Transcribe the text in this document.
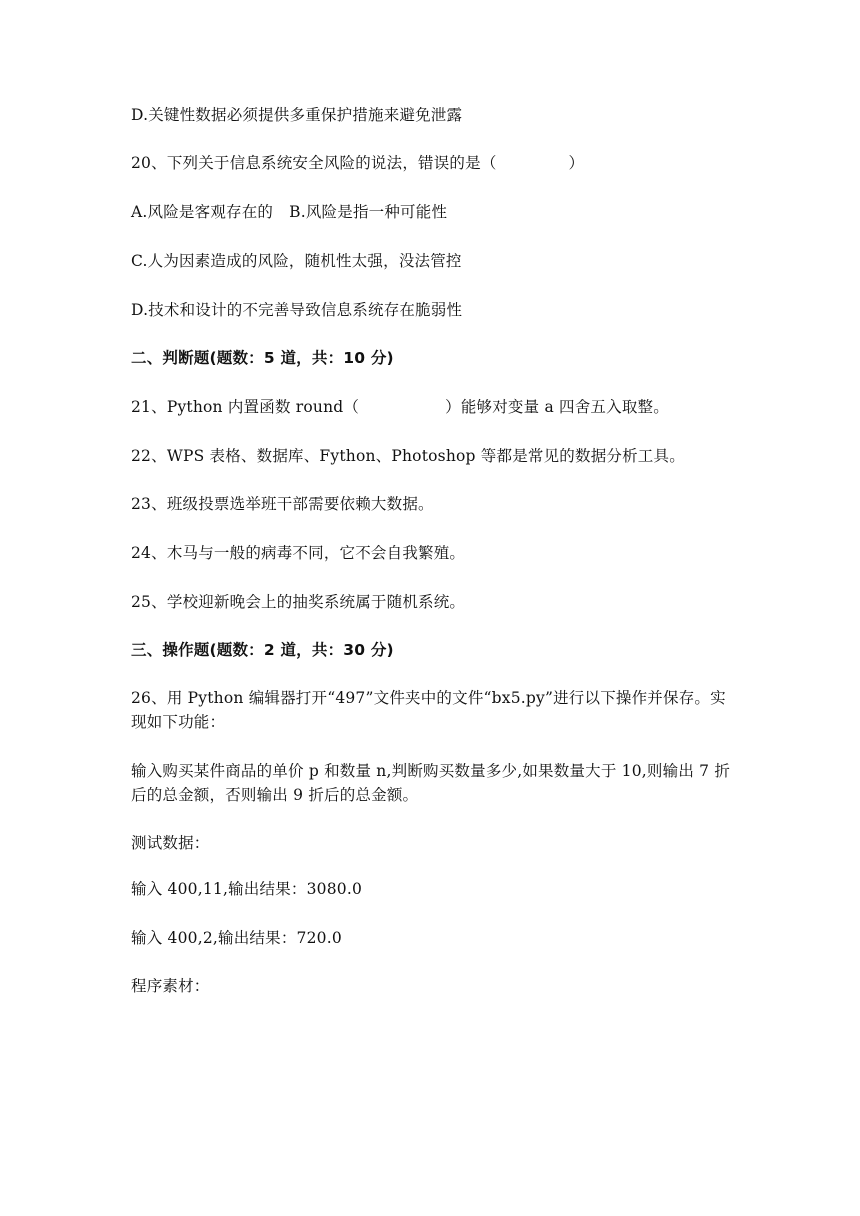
D.关键性数据必须提供多重保护措施来避免泄露
20、下列关于信息系统安全风险的说法，错误的是（	）
A.风险是客观存在的 B.风险是指一种可能性
C.人为因素造成的风险，随机性太强，没法管控
D.技术和设计的不完善导致信息系统存在脆弱性
二、判断题(题数：5 道，共：10 分)
21、Python 内置函数 round（	）能够对变量 a 四舍五入取整。
22、WPS 表格、数据库、Fython、Photoshop 等都是常见的数据分析工具。
23、班级投票选举班干部需要依赖大数据。
24、木马与一般的病毒不同，它不会自我繁殖。
25、学校迎新晚会上的抽奖系统属于随机系统。
三、操作题(题数：2 道，共：30 分)
26、用 Python 编辑器打开“497”文件夹中的文件“bx5.py”进行以下操作并保存。实现如下功能：
输入购买某件商品的单价 p 和数量 n,判断购买数量多少,如果数量大于 10,则输出 7 折后的总金额，否则输出 9 折后的总金额。
测试数据：
输入 400,11,输出结果：3080.0
输入 400,2,输出结果：720.0
程序素材：
